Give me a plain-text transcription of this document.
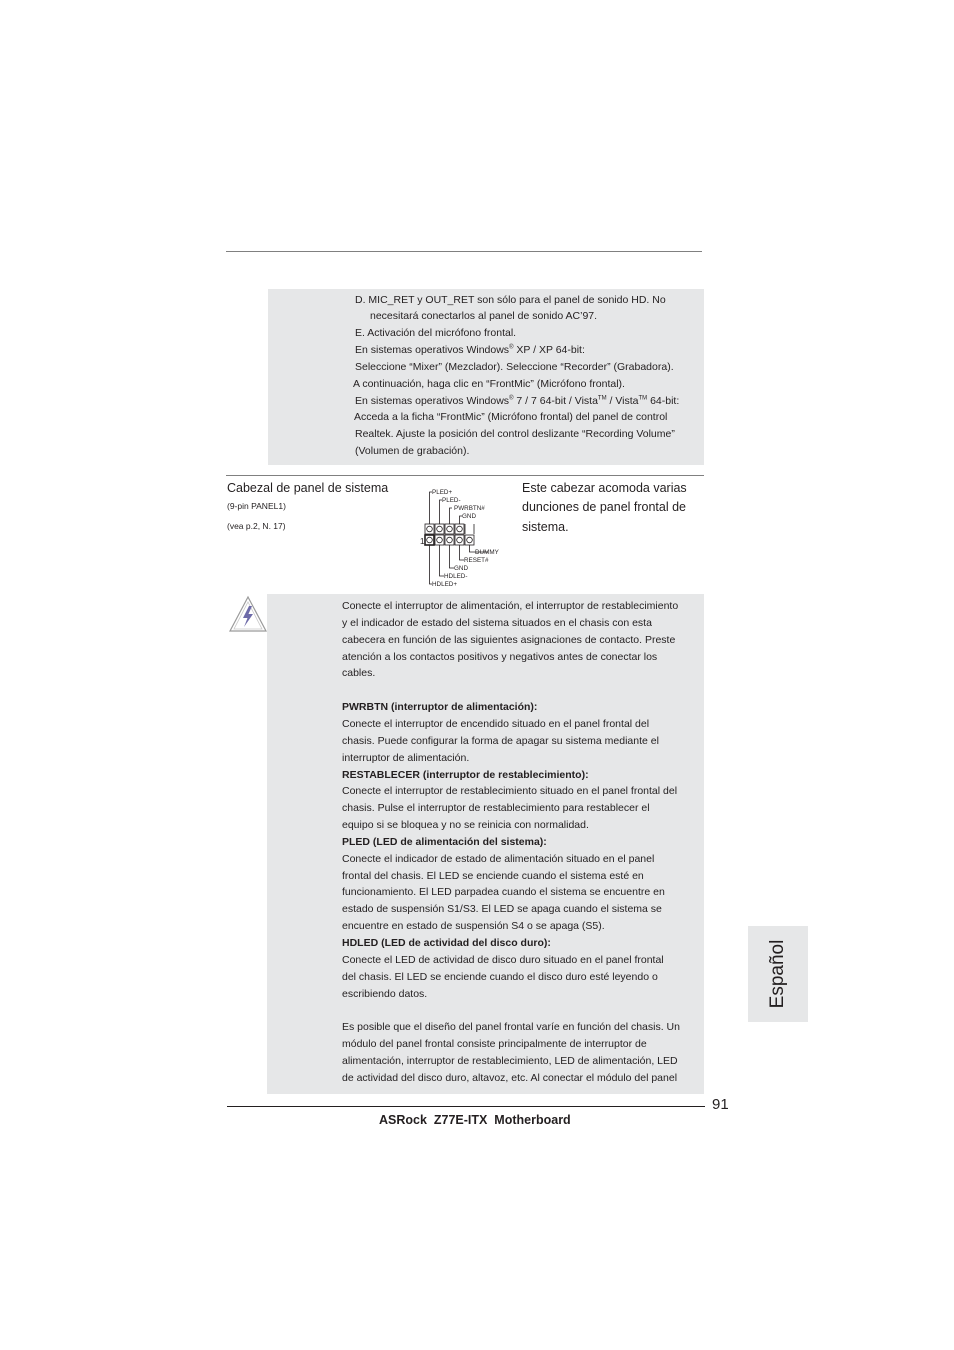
D. MIC_RET y OUT_RET son sólo para el panel de sonido HD. No
necesitará conectarlos al panel de sonido AC’97.
E. Activación del micrófono frontal.
En sistemas operativos Windows® XP / XP 64-bit:
Seleccione “Mixer” (Mezclador). Seleccione “Recorder” (Grabadora).
A continuación, haga clic en “FrontMic” (Micrófono frontal).
En sistemas operativos Windows® 7 / 7 64-bit / Vista™ / Vista™ 64-bit:
Acceda a la ficha “FrontMic” (Micrófono frontal) del panel de control
Realtek. Ajuste la posición del control deslizante “Recording Volume”
(Volumen de grabación).
Cabezal de panel de sistema
(9-pin PANEL1)
(vea p.2, N. 17)
Este cabezar acomoda varias
dunciones de panel frontal de
sistema.
PLED+
PLED-
PWRBTN#
GND
DUMMY
RESET#
GND
HDLED-
HDLED+
1
Conecte el interruptor de alimentación, el interruptor de restablecimiento
y el indicador de estado del sistema situados en el chasis con esta
cabecera en función de las siguientes asignaciones de contacto. Preste
atención a los contactos positivos y negativos antes de conectar los
cables.
PWRBTN (interruptor de alimentación):
Conecte el interruptor de encendido situado en el panel frontal del
chasis. Puede configurar la forma de apagar su sistema mediante el
interruptor de alimentación.
RESTABLECER (interruptor de restablecimiento):
Conecte el interruptor de restablecimiento situado en el panel frontal del
chasis. Pulse el interruptor de restablecimiento para restablecer el
equipo si se bloquea y no se reinicia con normalidad.
PLED (LED de alimentación del sistema):
Conecte el indicador de estado de alimentación situado en el panel
frontal del chasis. El LED se enciende cuando el sistema esté en
funcionamiento. El LED parpadea cuando el sistema se encuentre en
estado de suspensión S1/S3. El LED se apaga cuando el sistema se
encuentre en estado de suspensión S4 o se apaga (S5).
HDLED (LED de actividad del disco duro):
Conecte el LED de actividad de disco duro situado en el panel frontal
del chasis. El LED se enciende cuando el disco duro esté leyendo o
escribiendo datos.
Es posible que el diseño del panel frontal varíe en función del chasis. Un
módulo del panel frontal consiste principalmente de interruptor de
alimentación, interruptor de restablecimiento, LED de alimentación, LED
de actividad del disco duro, altavoz, etc. Al conectar el módulo del panel
91
ASRock  Z77E-ITX  Motherboard
Español
